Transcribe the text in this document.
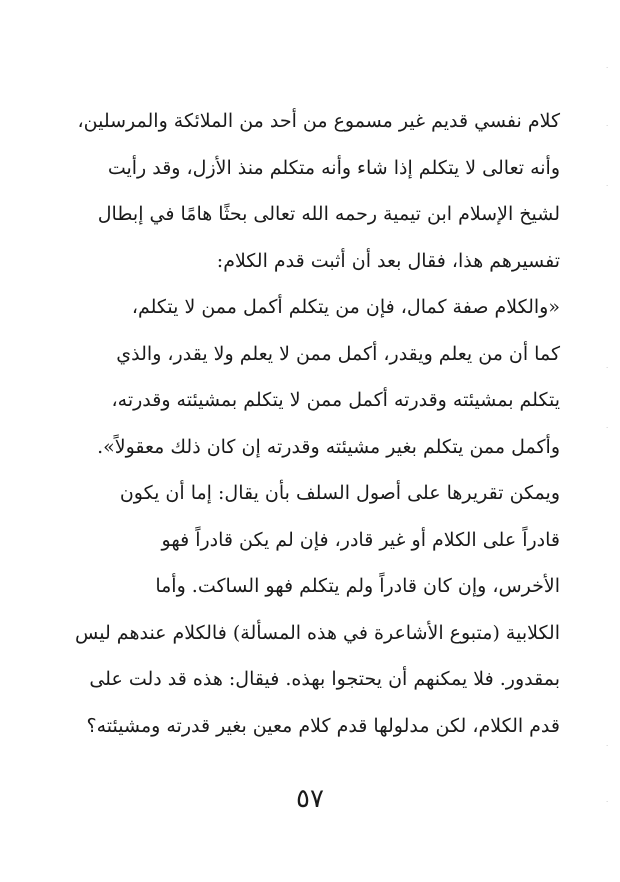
كلام نفسي قديم غير مسموع من أحد من الملائكة والمرسلين،
وأنه تعالى لا يتكلم إذا شاء وأنه متكلم منذ الأزل، وقد رأيت
لشيخ الإسلام ابن تيمية رحمه الله تعالى بحثًا هامًا في إبطال
تفسيرهم هذا، فقال بعد أن أثبت قدم الكلام:
«والكلام صفة كمال، فإن من يتكلم أكمل ممن لا يتكلم،
كما أن من يعلم ويقدر، أكمل ممن لا يعلم ولا يقدر، والذي
يتكلم بمشيئته وقدرته أكمل ممن لا يتكلم بمشيئته وقدرته،
وأكمل ممن يتكلم بغير مشيئته وقدرته إن كان ذلك معقولاً».
ويمكن تقريرها على أصول السلف بأن يقال: إما أن يكون
قادراً على الكلام أو غير قادر، فإن لم يكن قادراً فهو
الأخرس، وإن كان قادراً ولم يتكلم فهو الساكت. وأما
الكلابية (متبوع الأشاعرة في هذه المسألة) فالكلام عندهم ليس
بمقدور. فلا يمكنهم أن يحتجوا بهذه. فيقال: هذه قد دلت على
قدم الكلام، لكن مدلولها قدم كلام معين بغير قدرته ومشيئته؟
٥٧
·
·
·
·
·
·
·
